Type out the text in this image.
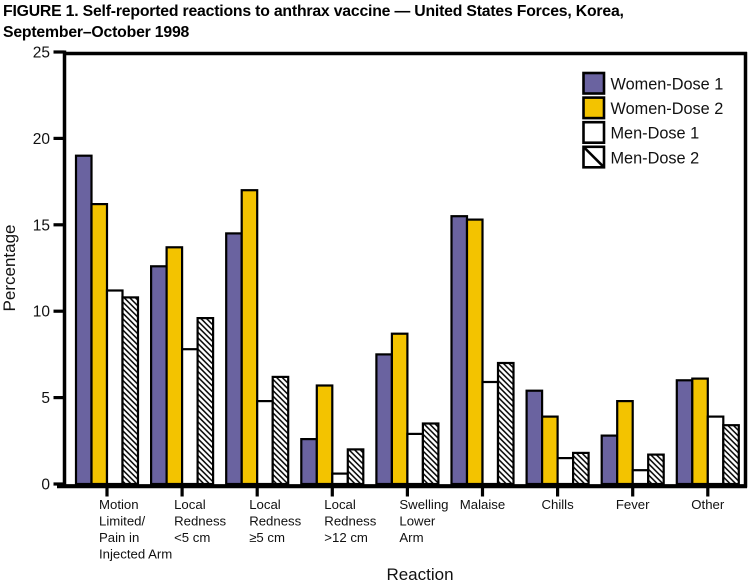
FIGURE 1. Self-reported reactions to anthrax vaccine — United States Forces, Korea, September–October 1998
0
5
10
15
20
25
Motion Limited/ Pain in Injected Arm
Local Redness <5 cm
Local Redness ≥5 cm
Local Redness >12 cm
Swelling Lower Arm
Malaise	Chills	Fever	Other
Percentage
Reaction
Women-Dose 1
Women-Dose 2
Men-Dose 1
Men-Dose 2
